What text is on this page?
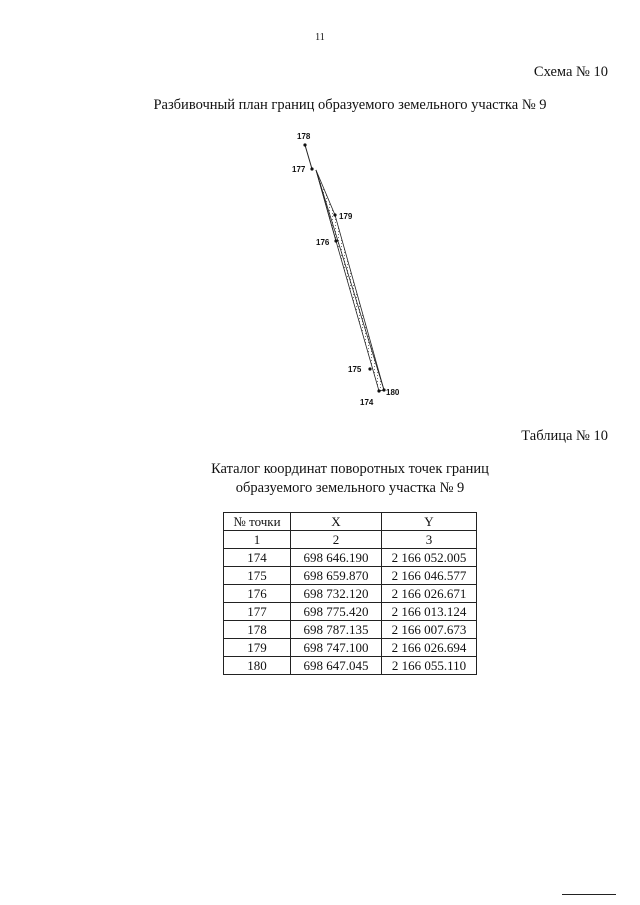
11
Схема № 10
Разбивочный план границ образуемого земельного участка № 9
178
177
179
176
175
180
174
Таблица № 10
Каталог координат поворотных точек границ
образуемого земельного участка № 9
№ точки	X	Y
1	2	3
174	698 646.190	2 166 052.005
175	698 659.870	2 166 046.577
176	698 732.120	2 166 026.671
177	698 775.420	2 166 013.124
178	698 787.135	2 166 007.673
179	698 747.100	2 166 026.694
180	698 647.045	2 166 055.110
